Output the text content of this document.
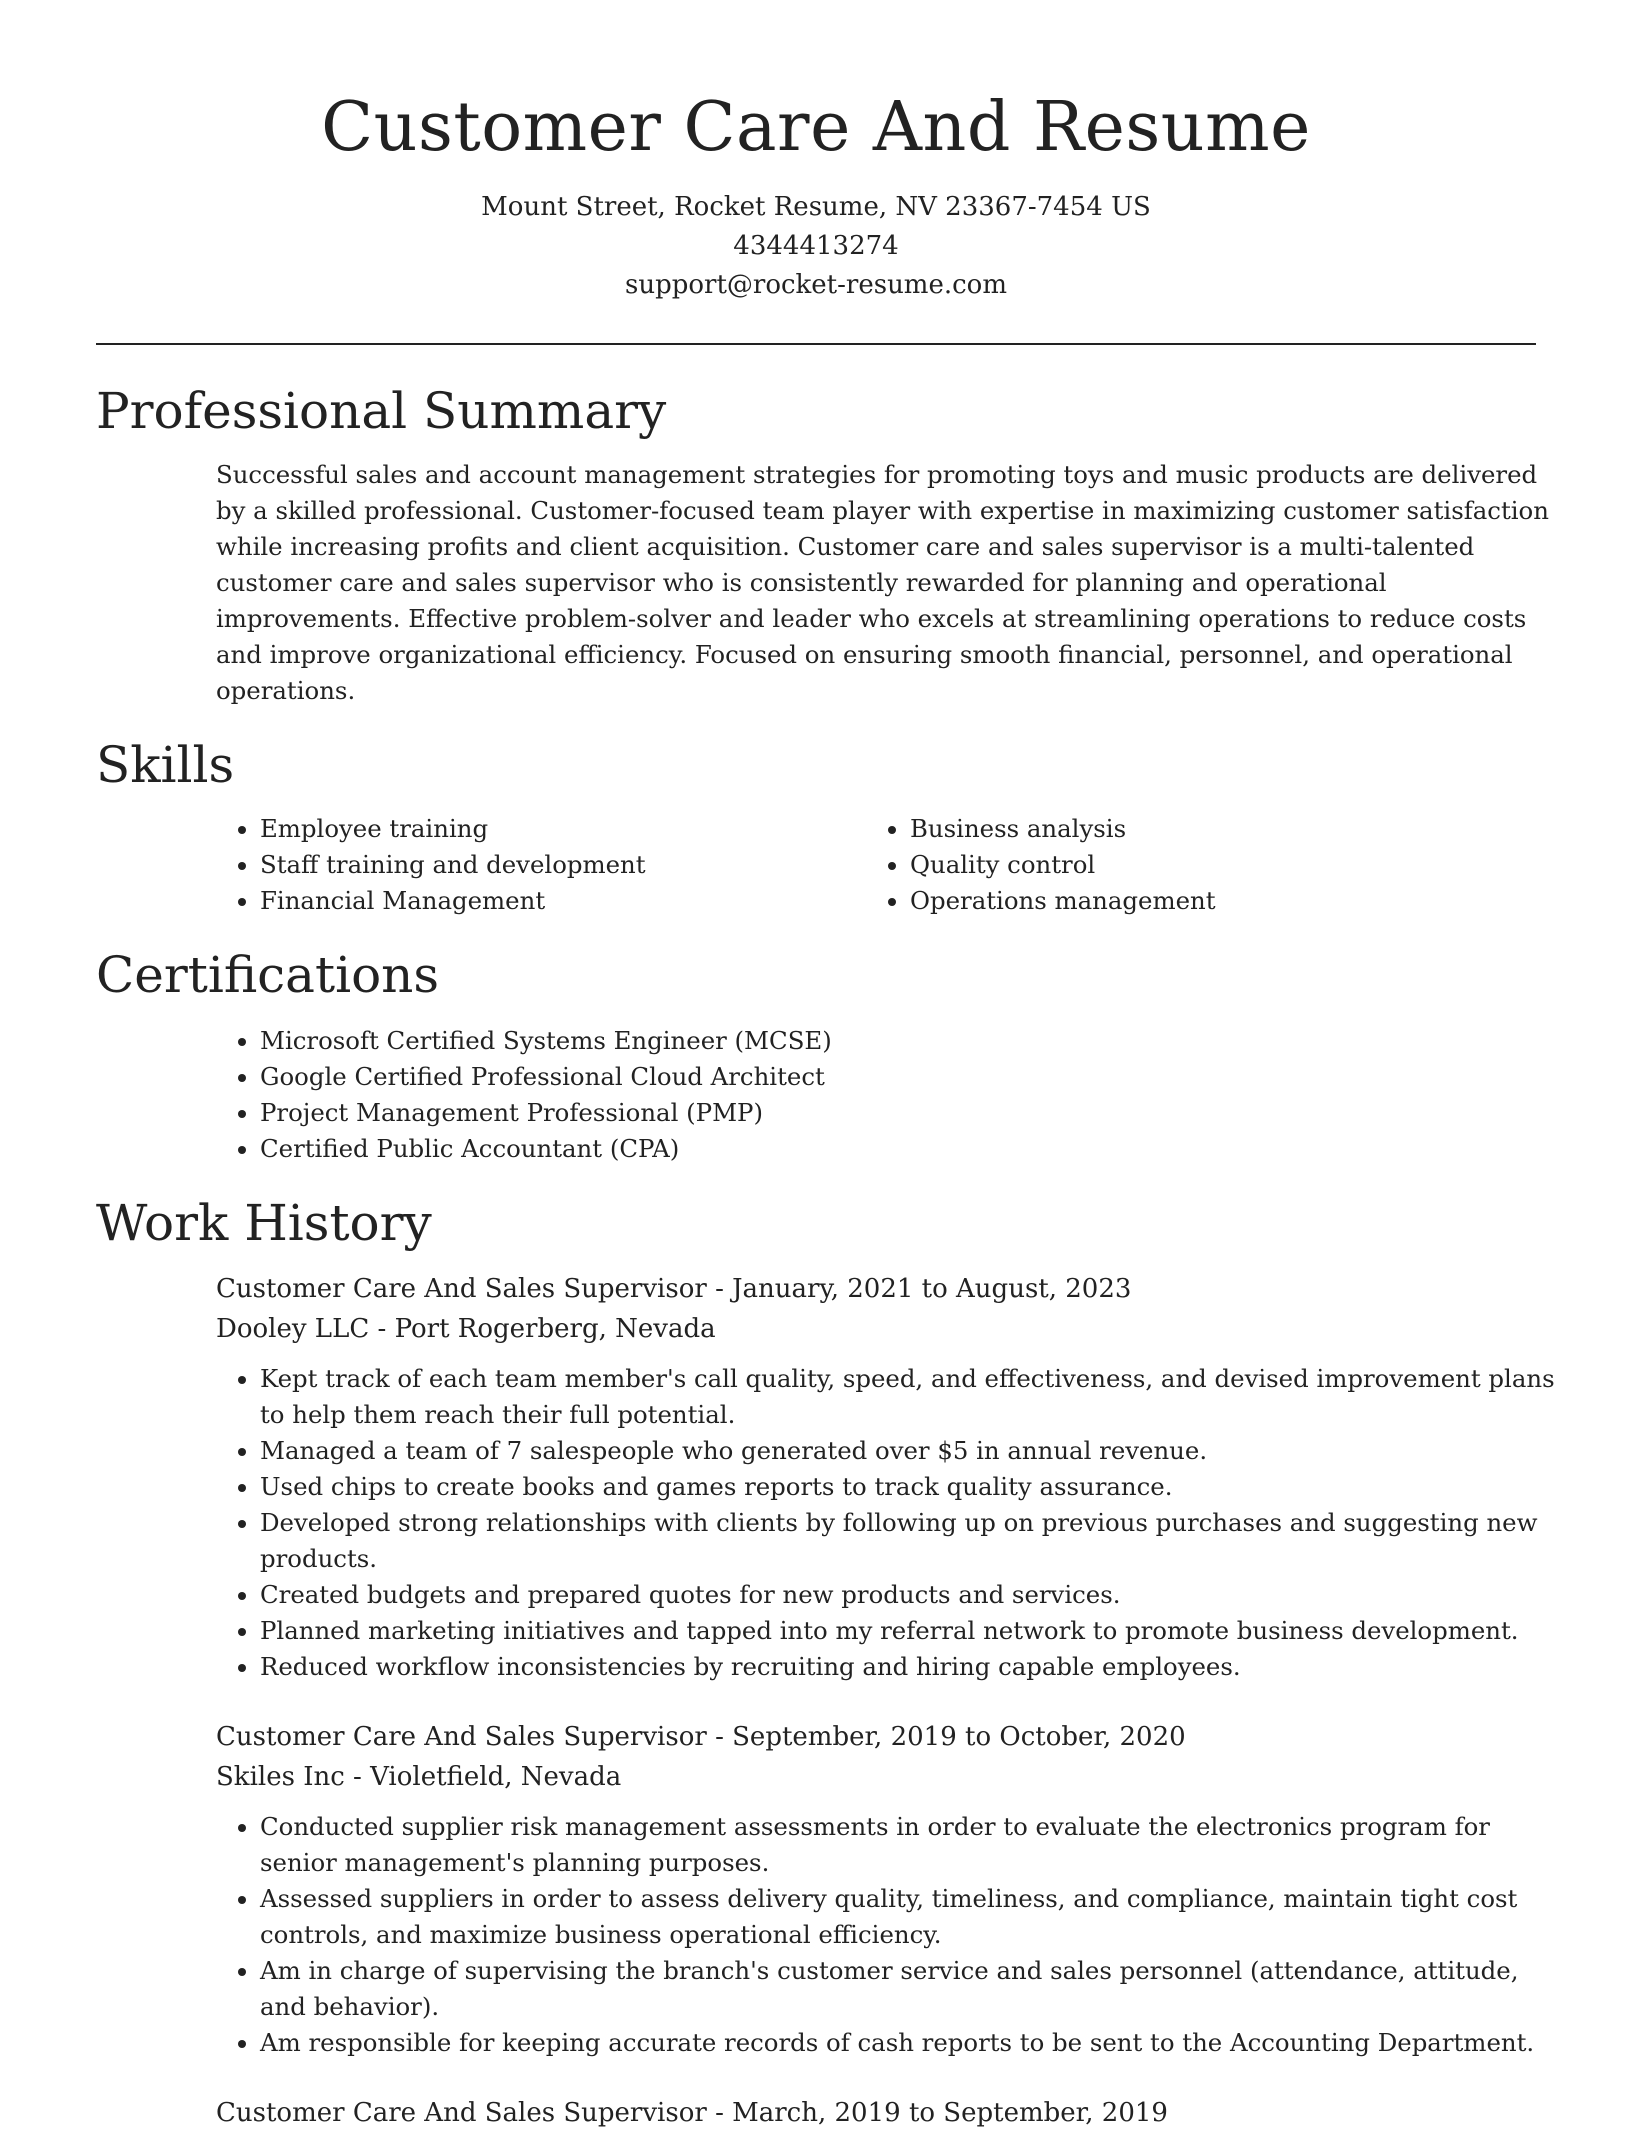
Customer Care And Resume

Mount Street, Rocket Resume, NV 23367-7454 US

4344413274

support@rocket-resume.com

Professional Summary

Successful sales and account management strategies for promoting toys and music products are delivered by a skilled professional. Customer-focused team player with expertise in maximizing customer satisfaction while increasing profits and client acquisition. Customer care and sales supervisor is a multi-talented customer care and sales supervisor who is consistently rewarded for planning and operational improvements. Effective problem-solver and leader who excels at streamlining operations to reduce costs and improve organizational efficiency. Focused on ensuring smooth financial, personnel, and operational operations.

Skills
• Employee training
• Staff training and development
• Financial Management
• Business analysis
• Quality control
• Operations management
Certifications
• Microsoft Certified Systems Engineer (MCSE)
• Google Certified Professional Cloud Architect
• Project Management Professional (PMP)
• Certified Public Accountant (CPA)
Work History
Customer Care And Sales Supervisor - January, 2021 to August, 2023
Dooley LLC - Port Rogerberg, Nevada
• Kept track of each team member's call quality, speed, and effectiveness, and devised improvement plans to help them reach their full potential.
• Managed a team of 7 salespeople who generated over $5 in annual revenue.
• Used chips to create books and games reports to track quality assurance.
• Developed strong relationships with clients by following up on previous purchases and suggesting new products.
• Created budgets and prepared quotes for new products and services.
• Planned marketing initiatives and tapped into my referral network to promote business development.
• Reduced workflow inconsistencies by recruiting and hiring capable employees.
Customer Care And Sales Supervisor - September, 2019 to October, 2020
Skiles Inc - Violetfield, Nevada
• Conducted supplier risk management assessments in order to evaluate the electronics program for senior management's planning purposes.
• Assessed suppliers in order to assess delivery quality, timeliness, and compliance, maintain tight cost controls, and maximize business operational efficiency.
• Am in charge of supervising the branch's customer service and sales personnel (attendance, attitude, and behavior).
• Am responsible for keeping accurate records of cash reports to be sent to the Accounting Department.
Customer Care And Sales Supervisor - March, 2019 to September, 2019
